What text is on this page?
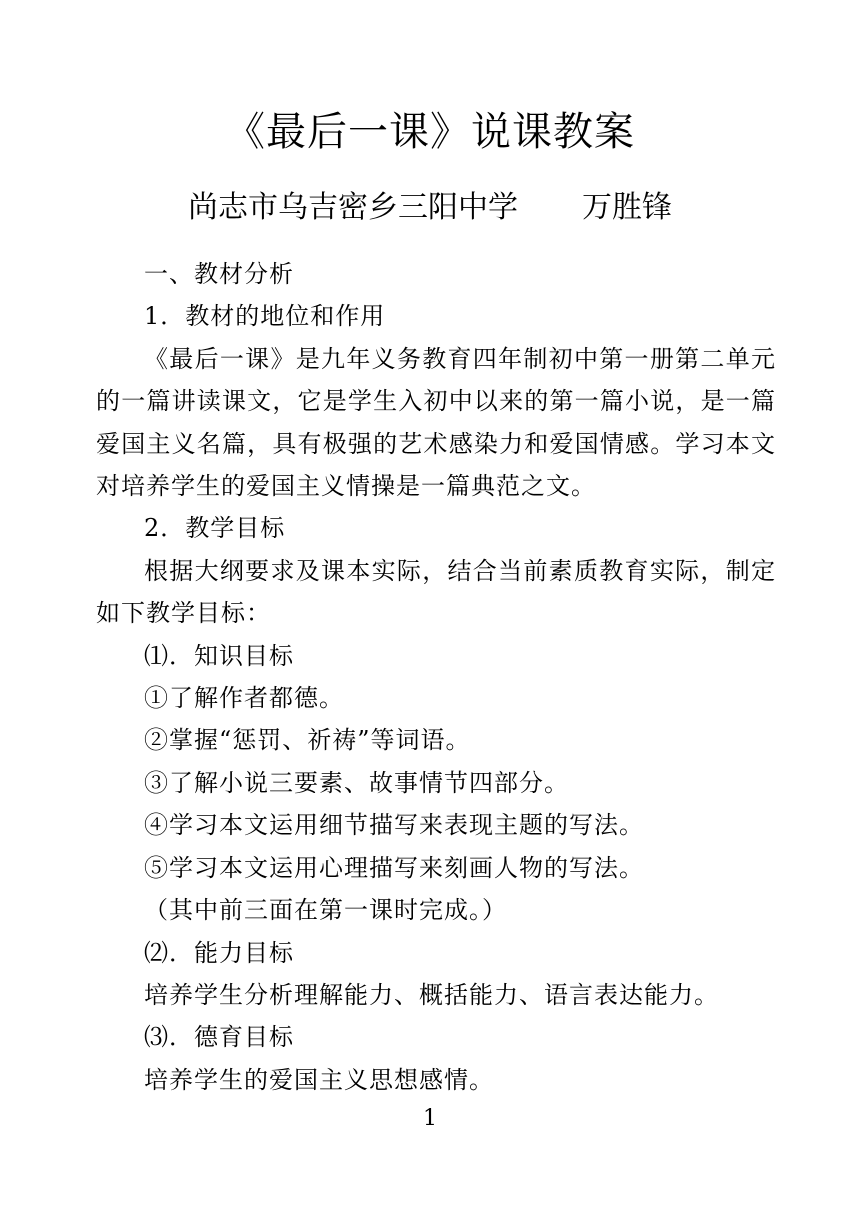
《最后一课》说课教案
尚志市乌吉密乡三阳中学 万胜锋

一、教材分析

1．教材的地位和作用

《最后一课》是九年义务教育四年制初中第一册第二单元的一篇讲读课文，它是学生入初中以来的第一篇小说，是一篇爱国主义名篇，具有极强的艺术感染力和爱国情感。学习本文对培养学生的爱国主义情操是一篇典范之文。

2．教学目标

根据大纲要求及课本实际，结合当前素质教育实际，制定如下教学目标：

⑴．知识目标

①了解作者都德。

②掌握“惩罚、祈祷”等词语。

③了解小说三要素、故事情节四部分。

④学习本文运用细节描写来表现主题的写法。

⑤学习本文运用心理描写来刻画人物的写法。

（其中前三面在第一课时完成。）

⑵．能力目标

培养学生分析理解能力、概括能力、语言表达能力。

⑶．德育目标

培养学生的爱国主义思想感情。

1
